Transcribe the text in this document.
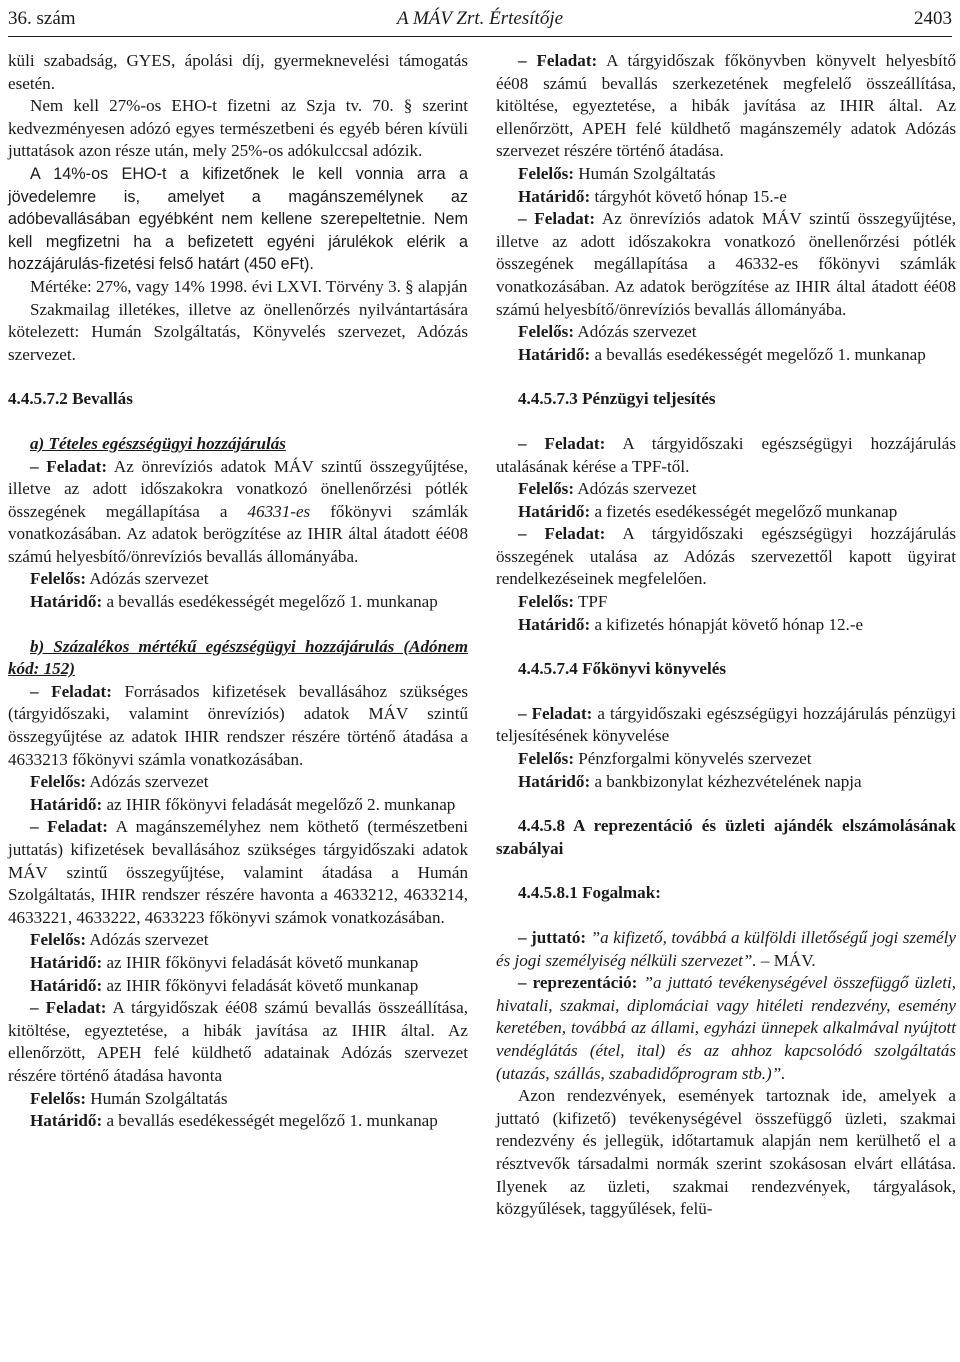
36. szám	A MÁV Zrt. Értesítője	2403

küli szabadság, GYES, ápolási díj, gyermeknevelési támogatás esetén.

Nem kell 27%-os EHO-t fizetni az Szja tv. 70. § szerint kedvezményesen adózó egyes természetbeni és egyéb béren kívüli juttatások azon része után, mely 25%-os adókulccsal adózik.

A 14%-os EHO-t a kifizetőnek le kell vonnia arra a jövedelemre is, amelyet a magánszemélynek az adóbevallásában egyébként nem kellene szerepeltetnie. Nem kell megfizetni ha a befizetett egyéni járulékok elérik a hozzájárulás-fizetési felső határt (450 eFt).

Mértéke: 27%, vagy 14% 1998. évi LXVI. Törvény 3. § alapján

Szakmailag illetékes, illetve az önellenőrzés nyilvántartására kötelezett: Humán Szolgáltatás, Könyvelés szervezet, Adózás szervezet.

4.4.5.7.2 Bevallás

a) Tételes egészségügyi hozzájárulás

– Feladat: Az önrevíziós adatok MÁV szintű összegyűjtése, illetve az adott időszakokra vonatkozó önellenőrzési pótlék összegének megállapítása a 46331-es főkönyvi számlák vonatkozásában. Az adatok berögzítése az IHIR által átadott éé08 számú helyesbítő/önrevíziós bevallás állományába.

Felelős: Adózás szervezet

Határidő: a bevallás esedékességét megelőző 1. munkanap

b) Százalékos mértékű egészségügyi hozzájárulás (Adónem kód: 152)

– Feladat: Forrásados kifizetések bevallásához szükséges (tárgyidőszaki, valamint önrevíziós) adatok MÁV szintű összegyűjtése az adatok IHIR rendszer részére történő átadása a 4633213 főkönyvi számla vonatkozásában.

Felelős: Adózás szervezet

Határidő: az IHIR főkönyvi feladását megelőző 2. munkanap

– Feladat: A magánszemélyhez nem köthető (természetbeni juttatás) kifizetések bevallásához szükséges tárgyidőszaki adatok MÁV szintű összegyűjtése, valamint átadása a Humán Szolgáltatás, IHIR rendszer részére havonta a 4633212, 4633214, 4633221, 4633222, 4633223 főkönyvi számok vonatkozásában.

Felelős: Adózás szervezet

Határidő: az IHIR főkönyvi feladását követő munkanap

Határidő: az IHIR főkönyvi feladását követő munkanap

– Feladat: A tárgyidőszak éé08 számú bevallás összeállítása, kitöltése, egyeztetése, a hibák javítása az IHIR által. Az ellenőrzött, APEH felé küldhető adatainak Adózás szervezet részére történő átadása havonta

Felelős: Humán Szolgáltatás

Határidő: a bevallás esedékességét megelőző 1. munkanap

– Feladat: A tárgyidőszak főkönyvben könyvelt helyesbítő éé08 számú bevallás szerkezetének megfelelő összeállítása, kitöltése, egyeztetése, a hibák javítása az IHIR által. Az ellenőrzött, APEH felé küldhető magánszemély adatok Adózás szervezet részére történő átadása.

Felelős: Humán Szolgáltatás

Határidő: tárgyhót követő hónap 15.-e

– Feladat: Az önrevíziós adatok MÁV szintű összegyűjtése, illetve az adott időszakokra vonatkozó önellenőrzési pótlék összegének megállapítása a 46332-es főkönyvi számlák vonatkozásában. Az adatok berögzítése az IHIR által átadott éé08 számú helyesbítő/önrevíziós bevallás állományába.

Felelős: Adózás szervezet

Határidő: a bevallás esedékességét megelőző 1. munkanap

4.4.5.7.3 Pénzügyi teljesítés

– Feladat: A tárgyidőszaki egészségügyi hozzájárulás utalásának kérése a TPF-től.

Felelős: Adózás szervezet

Határidő: a fizetés esedékességét megelőző munkanap

– Feladat: A tárgyidőszaki egészségügyi hozzájárulás összegének utalása az Adózás szervezettől kapott ügyirat rendelkezéseinek megfelelően.

Felelős: TPF

Határidő: a kifizetés hónapját követő hónap 12.-e

4.4.5.7.4 Főkönyvi könyvelés

– Feladat: a tárgyidőszaki egészségügyi hozzájárulás pénzügyi teljesítésének könyvelése

Felelős: Pénzforgalmi könyvelés szervezet

Határidő: a bankbizonylat kézhezvételének napja

4.4.5.8 A reprezentáció és üzleti ajándék elszámolásának szabályai

4.4.5.8.1 Fogalmak:

– juttató: ”a kifizető, továbbá a külföldi illetőségű jogi személy és jogi személyiség nélküli szervezet”. – MÁV.

– reprezentáció: ”a juttató tevékenységével összefüggő üzleti, hivatali, szakmai, diplomáciai vagy hitéleti rendezvény, esemény keretében, továbbá az állami, egyházi ünnepek alkalmával nyújtott vendéglátás (étel, ital) és az ahhoz kapcsolódó szolgáltatás (utazás, szállás, szabadidőprogram stb.)”.

Azon rendezvények, események tartoznak ide, amelyek a juttató (kifizető) tevékenységével összefüggő üzleti, szakmai rendezvény és jellegük, időtartamuk alapján nem kerülhető el a résztvevők társadalmi normák szerint szokásosan elvárt ellátása. Ilyenek az üzleti, szakmai rendezvények, tárgyalások, közgyűlések, taggyűlések, felü-
